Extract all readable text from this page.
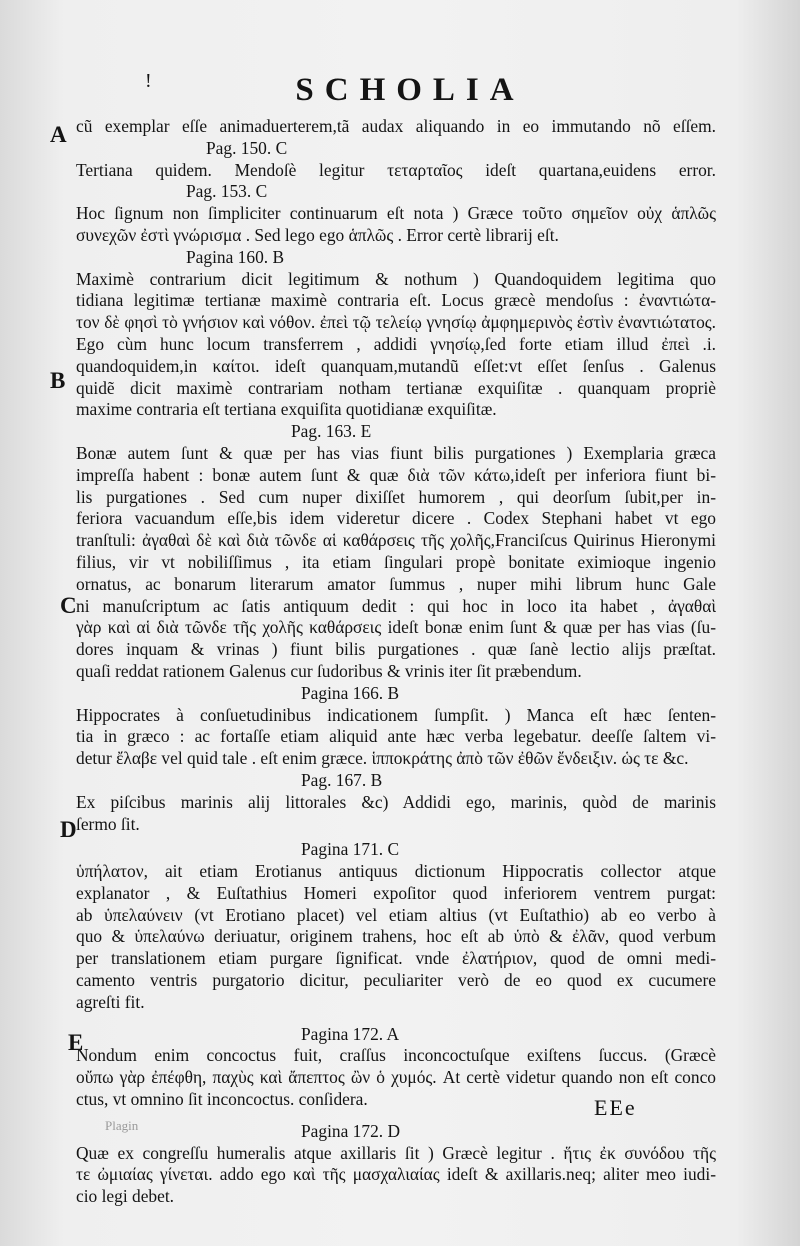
!	SCHOLIA
A
B
C
D
E
cũ exemplar eſſe animaduerterem,tã audax aliquando in eo immutando nõ eſſem.
Pag. 150. C
Tertiana quidem. Mendoſè legitur τεταρταῖος ideſt quartana,euidens error.
Pag. 153. C
Hoc ſignum non ſimpliciter continuarum eſt nota ) Græce τοῦτο σημεῖον οὐχ ἁπλῶς
συνεχῶν ἐστὶ γνώρισμα . Sed lego ego ἁπλῶς . Error certè librarij eſt.
Pagina 160. B
Maximè contrarium dicit legitimum & nothum ) Quandoquidem legitima quo
tidiana legitimæ tertianæ maximè contraria eſt. Locus græcè mendoſus : ἐναντιώτα-
τον δὲ φησὶ τὸ γνήσιον καὶ νόθον. ἐπεὶ τῷ τελείῳ γνησίῳ ἀμφημερινὸς ἐστὶν ἐναντιώτατος.
Ego cùm hunc locum transferrem , addidi γνησίῳ,ſed forte etiam illud ἐπεὶ .i.
quandoquidem,in καίτοι. ideſt quanquam,mutandũ eſſet:vt eſſet ſenſus . Galenus
quidẽ dicit maximè contrariam notham tertianæ exquiſitæ . quanquam propriè
maxime contraria eſt tertiana exquiſita quotidianæ exquiſitæ.
Pag. 163. E
Bonæ autem ſunt & quæ per has vias fiunt bilis purgationes ) Exemplaria græca
impreſſa habent : bonæ autem ſunt & quæ διὰ τῶν κάτω,ideſt per inferiora fiunt bi-
lis purgationes . Sed cum nuper dixiſſet humorem , qui deorſum ſubit,per in-
feriora vacuandum eſſe,bis idem videretur dicere . Codex Stephani habet vt ego
tranſtuli: ἀγαθαὶ δὲ καὶ διὰ τῶνδε αἱ καθάρσεις τῆς χολῆς,Franciſcus Quirinus Hieronymi
filius, vir vt nobiliſſimus , ita etiam ſingulari propè bonitate eximioque ingenio
ornatus, ac bonarum literarum amator ſummus , nuper mihi librum hunc Gale
ni manuſcriptum ac ſatis antiquum dedit : qui hoc in loco ita habet , ἀγαθαὶ
γὰρ καὶ αἱ διὰ τῶνδε τῆς χολῆς καθάρσεις ideſt bonæ enim ſunt & quæ per has vias (ſu-
dores inquam & vrinas ) fiunt bilis purgationes . quæ ſanè lectio alijs præſtat.
quaſi reddat rationem Galenus cur ſudoribus & vrinis iter ſit præbendum.
Pagina 166. B
Hippocrates à conſuetudinibus indicationem ſumpſit. ) Manca eſt hæc ſenten-
tia in græco : ac fortaſſe etiam aliquid ante hæc verba legebatur. deeſſe ſaltem vi-
detur ἔλαβε vel quid tale . eſt enim græce. ἱπποκράτης ἀπὸ τῶν ἐθῶν ἔνδειξιν. ὡς τε &c.
Pag. 167. B
Ex piſcibus marinis alij littorales &c) Addidi ego, marinis, quòd de marinis
ſermo ſit.
Pagina 171. C
ὑπήλατον, ait etiam Erotianus antiquus dictionum Hippocratis collector atque
explanator , & Euſtathius Homeri expoſitor quod inferiorem ventrem purgat:
ab ὑπελαύνειν (vt Erotiano placet) vel etiam altius (vt Euſtathio) ab eo verbo à
quo & ὑπελαύνω deriuatur, originem trahens, hoc eſt ab ὑπὸ & ἐλᾶν, quod verbum
per translationem etiam purgare ſignificat. vnde ἐλατήριον, quod de omni medi-
camento ventris purgatorio dicitur, peculiariter verò de eo quod ex cucumere
agreſti fit.
Pagina 172. A
Nondum enim concoctus fuit, craſſus inconcoctuſque exiſtens ſuccus. (Græcè
οὔπω γὰρ ἐπέφθη, παχὺς καὶ ἄπεπτος ὢν ὁ χυμός. At certè videtur quando non eſt conco
ctus, vt omnino ſit inconcoctus. conſidera.
Pagina 172. D
Quæ ex congreſſu humeralis atque axillaris ſit ) Græcè legitur . ἥτις ἐκ συνόδου τῆς
τε ὠμιαίας γίνεται. addo ego καὶ τῆς μασχαλιαίας ideſt & axillaris.neq; aliter meo iudi-
cio legi debet.
EEe
Plagin
